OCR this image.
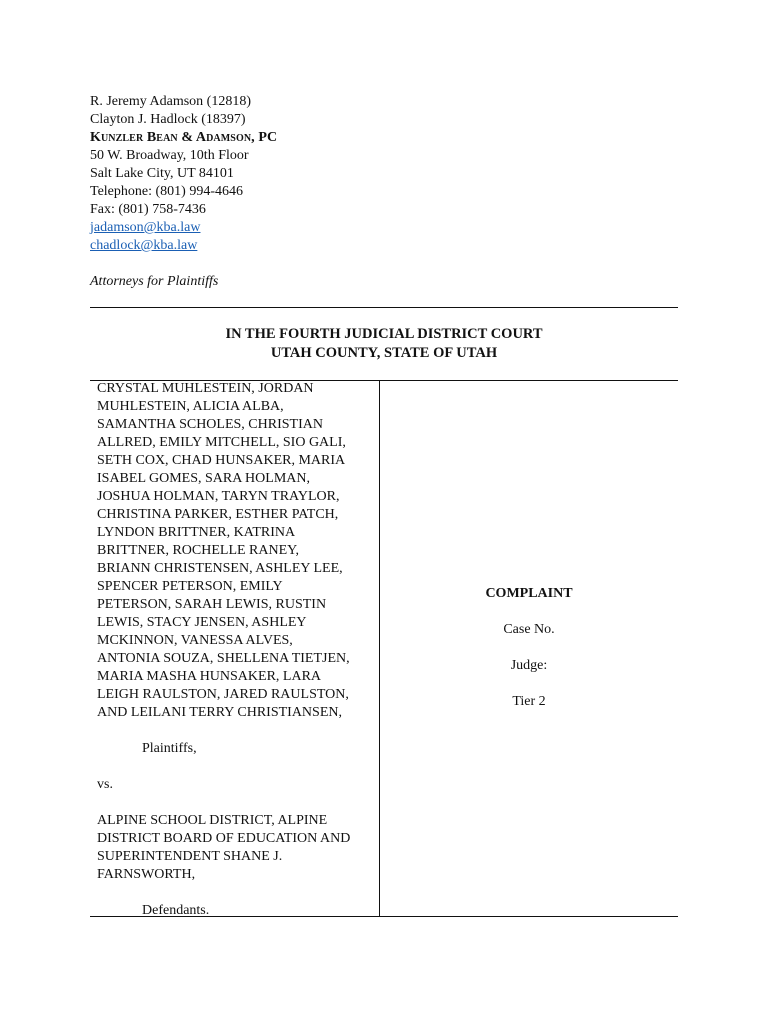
R. Jeremy Adamson (12818)
Clayton J. Hadlock (18397)
Kunzler Bean & Adamson, PC
50 W. Broadway, 10th Floor
Salt Lake City, UT 84101
Telephone: (801) 994-4646
Fax: (801) 758-7436
jadamson@kba.law
chadlock@kba.law
Attorneys for Plaintiffs
IN THE FOURTH JUDICIAL DISTRICT COURT
UTAH COUNTY, STATE OF UTAH
CRYSTAL MUHLESTEIN, JORDAN
MUHLESTEIN, ALICIA ALBA,
SAMANTHA SCHOLES, CHRISTIAN
ALLRED, EMILY MITCHELL, SIO GALI,
SETH COX, CHAD HUNSAKER, MARIA
ISABEL GOMES, SARA HOLMAN,
JOSHUA HOLMAN, TARYN TRAYLOR,
CHRISTINA PARKER, ESTHER PATCH,
LYNDON BRITTNER, KATRINA
BRITTNER, ROCHELLE RANEY,
BRIANN CHRISTENSEN, ASHLEY LEE,
SPENCER PETERSON, EMILY
PETERSON, SARAH LEWIS, RUSTIN
LEWIS, STACY JENSEN, ASHLEY
MCKINNON, VANESSA ALVES,
ANTONIA SOUZA, SHELLENA TIETJEN,
MARIA MASHA HUNSAKER, LARA
LEIGH RAULSTON, JARED RAULSTON,
AND LEILANI TERRY CHRISTIANSEN,
Plaintiffs,
vs.
ALPINE SCHOOL DISTRICT, ALPINE
DISTRICT BOARD OF EDUCATION AND
SUPERINTENDENT SHANE J.
FARNSWORTH,
Defendants.
COMPLAINT
Case No.
Judge:
Tier 2
